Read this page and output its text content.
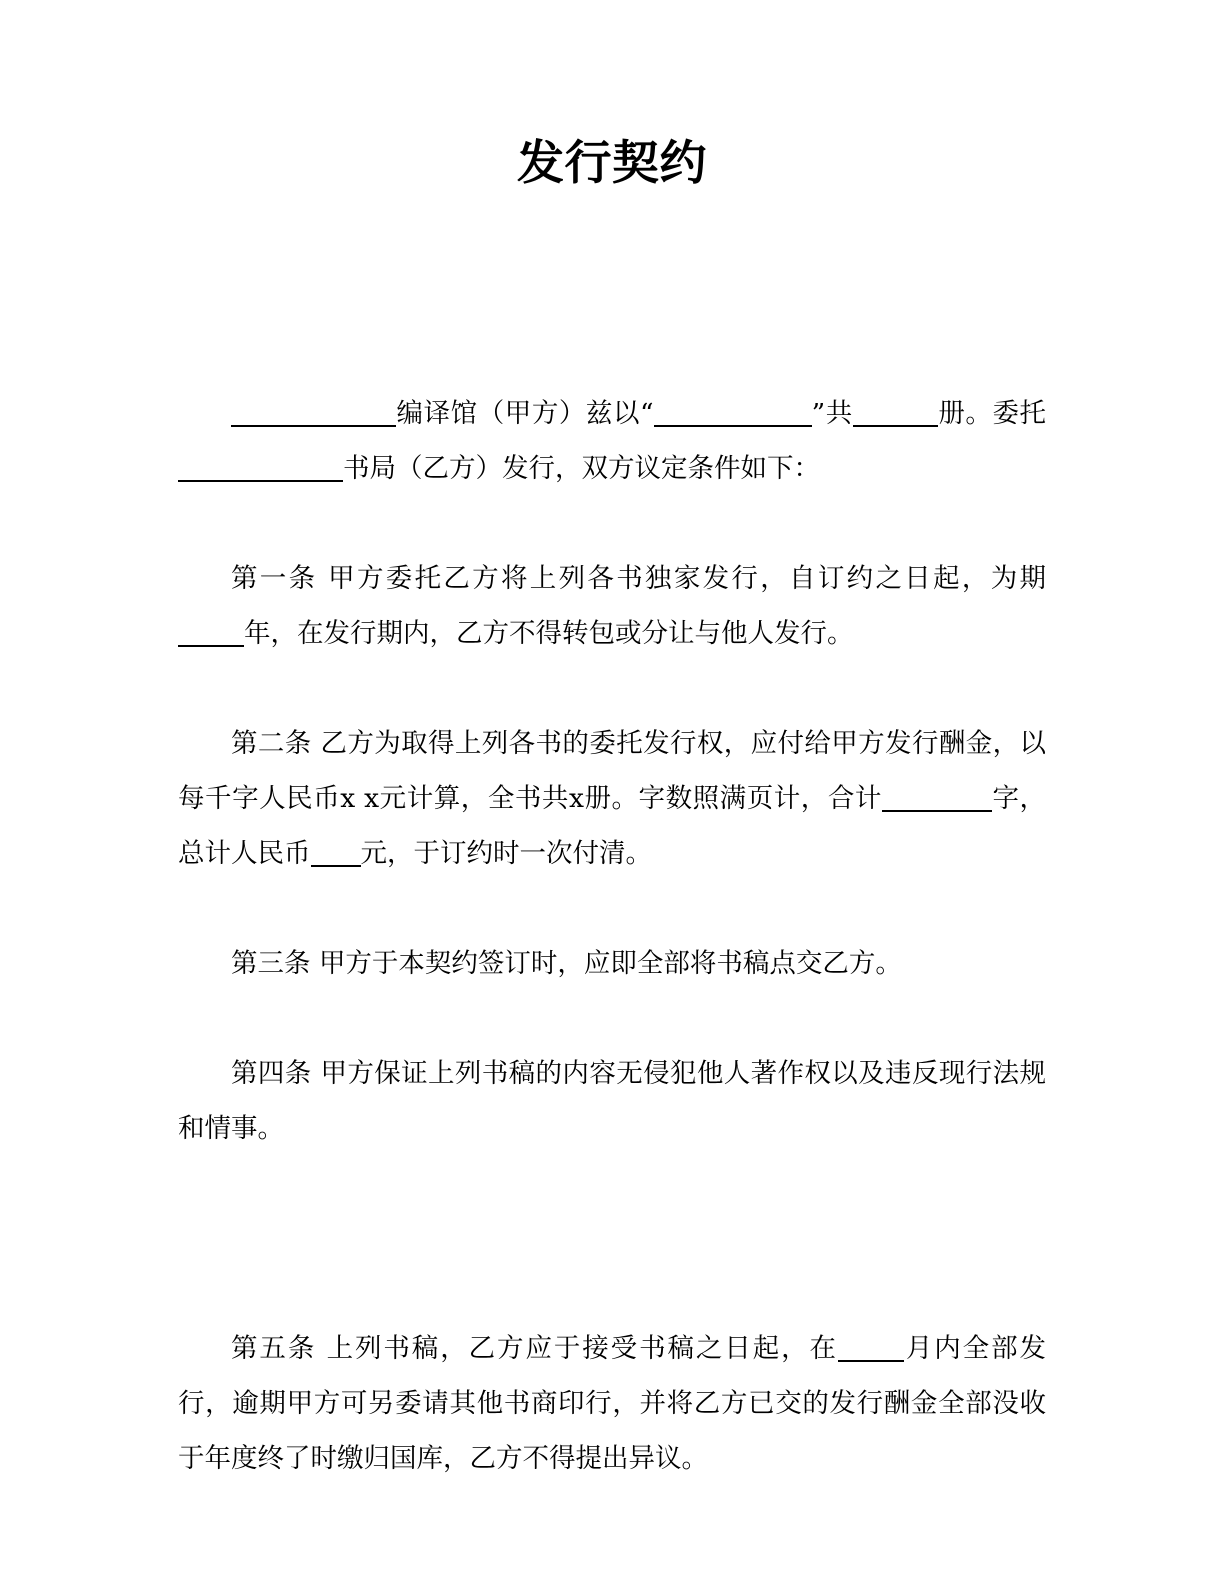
发行契约

编译馆（甲方）兹以“	”共	册。委托书局（乙方）发行，双方议定条件如下：

第一条 甲方委托乙方将上列各书独家发行，自订约之日起，为期年，在发行期内，乙方不得转包或分让与他人发行。

第二条 乙方为取得上列各书的委托发行权，应付给甲方发行酬金，以每千字人民币x x元计算，全书共x册。字数照满页计，合计	字，总计人民币 元，于订约时一次付清。

第三条 甲方于本契约签订时，应即全部将书稿点交乙方。

第四条 甲方保证上列书稿的内容无侵犯他人著作权以及违反现行法规和情事。

第五条 上列书稿，乙方应于接受书稿之日起，在 月内全部发行，逾期甲方可另委请其他书商印行，并将乙方已交的发行酬金全部没收于年度终了时缴归国库，乙方不得提出异议。
